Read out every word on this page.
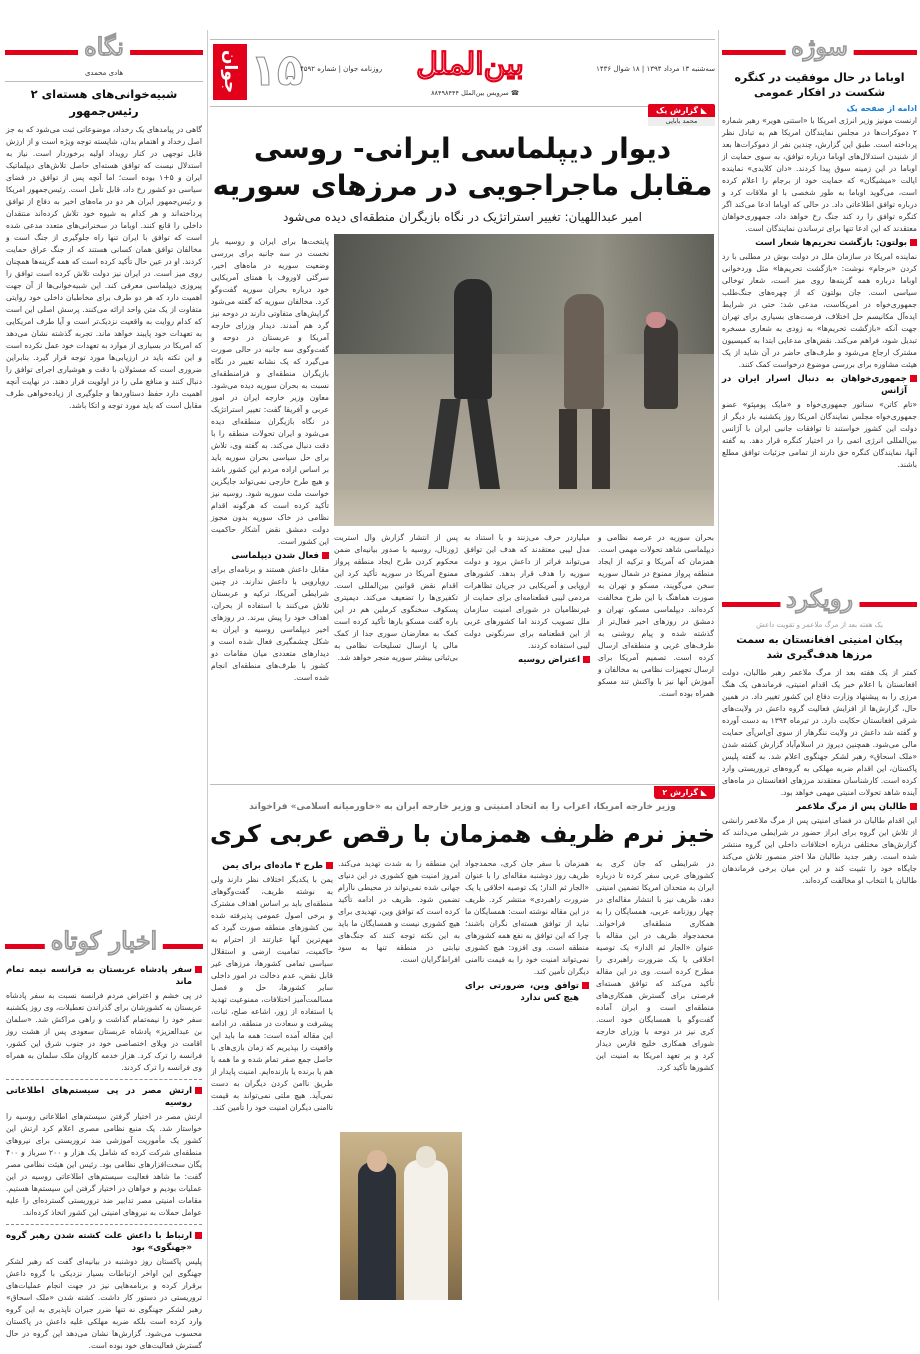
جوان ۱۵
روزنامه جوان | شماره ۴۵۹۲	بین‌الملل
☎ سرویس بین‌الملل ۸۸۴۹۸۴۴۴
سه‌شنبه ۱۳ مرداد ۱۳۹۴ | ۱۸ شوال ۱۴۳۶
◣ گزارش یک
محمد بابایی
دیوار دیپلماسی ایرانی- روسی
مقابل ماجراجویی در مرزهای سوریه
امیر عبداللهیان: تغییر استراتژیک در نگاه بازیگران منطقه‌ای دیده می‌شود

پایتخت‌ها برای ایران و روسیه بار نخست در سه جانبه برای بررسی وضعیت سوریه در ماه‌های اخیر، سرگئی لاوروف با همتای آمریکایی خود درباره بحران سوریه گفت‌وگو کرد. مخالفان سوریه که گفته می‌شود گرایش‌های متفاوتی دارند در دوحه نیز گرد هم آمدند. دیدار وزرای خارجه آمریکا و عربستان در دوحه و گفت‌وگوی سه جانبه در حالی صورت می‌گیرد که یک نشانه تغییر در نگاه بازیگران منطقه‌ای و فرامنطقه‌ای نسبت به بحران سوریه دیده می‌شود. معاون وزیر خارجه ایران در امور عربی و آفریقا گفت: تغییر استراتژیک در نگاه بازیگران منطقه‌ای دیده می‌شود و ایران تحولات منطقه را با دقت دنبال می‌کند. به گفته وی، تلاش برای حل سیاسی بحران سوریه باید بر اساس اراده مردم این کشور باشد و هیچ طرح خارجی نمی‌تواند جایگزین خواست ملت سوریه شود. روسیه نیز تأکید کرده است که هرگونه اقدام نظامی در خاک سوریه بدون مجوز دولت دمشق نقض آشکار حاکمیت این کشور است.

فعال شدن دیپلماسی

مقابل داعش هستند و برنامه‌ای برای رویارویی با داعش ندارند. در چنین شرایطی آمریکا، ترکیه و عربستان تلاش می‌کنند با استفاده از بحران، اهداف خود را پیش ببرند. در روزهای اخیر دیپلماسی روسیه و ایران به شکل چشمگیری فعال شده است و دیدارهای متعددی میان مقامات دو کشور با طرف‌های منطقه‌ای انجام شده است.

بحران سوریه در عرصه نظامی و دیپلماسی شاهد تحولات مهمی است. همزمان که آمریکا و ترکیه از ایجاد منطقه پرواز ممنوع در شمال سوریه سخن می‌گویند، مسکو و تهران به صورت هماهنگ با این طرح مخالفت کرده‌اند. دیپلماسی مسکو، تهران و دمشق در روزهای اخیر فعال‌تر از گذشته شده و پیام روشنی به طرف‌های غربی و منطقه‌ای ارسال کرده است. تصمیم آمریکا برای ارسال تجهیزات نظامی به مخالفان و آموزش آنها نیز با واکنش تند مسکو همراه بوده است.

میلیاردر حرف می‌زنند و با استناد به مدل لیبی معتقدند که هدف این توافق می‌تواند فراتر از داعش برود و دولت سوریه را هدف قرار بدهد. کشورهای اروپایی و آمریکایی در جریان تظاهرات مردمی لیبی قطعنامه‌ای برای حمایت از غیرنظامیان در شورای امنیت سازمان ملل تصویب کردند اما کشورهای غربی از این قطعنامه برای سرنگونی دولت لیبی استفاده کردند.

اعتراض روسیه

پس از انتشار گزارش وال استریت ژورنال، روسیه با صدور بیانیه‌ای ضمن محکوم کردن طرح ایجاد منطقه پرواز ممنوع آمریکا در سوریه تأکید کرد این اقدام نقض قوانین بین‌المللی است. تکفیری‌ها را تضعیف می‌کند. دیمیتری پسکوف سخنگوی کرملین هم در این باره گفت مسکو بارها تأکید کرده است کمک به معارضان سوری جدا از کمک مالی یا ارسال تسلیحات نظامی به بی‌ثباتی بیشتر سوریه منجر خواهد شد.

◣ گزارش ۲
وزیر خارجه امریکا، اعراب را به اتحاد امنیتی و وزیر خارجه ایران به «خاورمیانه اسلامی» فراخواند
خیز نرم ظریف همزمان با رقص عربی کری

در شرایطی که جان کری به کشورهای عربی سفر کرده تا درباره ایران به متحدان امریکا تضمین امنیتی دهد، ظریف نیز با انتشار مقاله‌ای در چهار روزنامه عربی، همسایگان را به همکاری منطقه‌ای فراخواند. محمدجواد ظریف در این مقاله با عنوان «الجار ثم الدار» یک توصیه اخلاقی یا یک ضرورت راهبردی را مطرح کرده است. وی در این مقاله تأکید می‌کند که توافق هسته‌ای فرصتی برای گسترش همکاری‌های منطقه‌ای است و ایران آماده گفت‌وگو با همسایگان خود است. کری نیز در دوحه با وزرای خارجه شورای همکاری خلیج فارس دیدار کرد و بر تعهد امریکا به امنیت این کشورها تأکید کرد.

همزمان با سفر جان کری، محمدجواد ظریف روز دوشنبه مقاله‌ای را با عنوان «الجار ثم الدار؛ یک توصیه اخلاقی یا یک ضرورت راهبردی» منتشر کرد. ظریف در این مقاله نوشته است: همسایگان ما نباید از توافق هسته‌ای نگران باشند؛ چرا که این توافق به نفع همه کشورهای منطقه است. وی افزود: هیچ کشوری نمی‌تواند امنیت خود را به قیمت ناامنی دیگران تأمین کند.

توافق وین، ضرورتی برای هیچ کس ندارد

این منطقه را به شدت تهدید می‌کند. امروز امنیت هیچ کشوری در این دنیای جهانی شده نمی‌تواند در محیطی ناآرام تضمین شود. ظریف در ادامه تأکید کرده است که توافق وین، تهدیدی برای هیچ کشوری نیست و همسایگان ما باید به این نکته توجه کنند که جنگ‌های نیابتی در منطقه تنها به سود افراط‌گرایان است.

طرح ۴ ماده‌ای برای یمن

یمن با یکدیگر اختلاف نظر دارند ولی به نوشته ظریف، گفت‌وگوهای منطقه‌ای باید بر اساس اهداف مشترک و برخی اصول عمومی پذیرفته شده بین کشورهای منطقه صورت گیرد که مهم‌ترین آنها عبارتند از احترام به حاکمیت، تمامیت ارضی و استقلال سیاسی تمامی کشورها، مرزهای غیر قابل نقض، عدم دخالت در امور داخلی سایر کشورها، حل و فصل مسالمت‌آمیز اختلافات، ممنوعیت تهدید یا استفاده از زور، اشاعه صلح، ثبات، پیشرفت و سعادت در منطقه. در ادامه این مقاله آمده است: همه ما باید این واقعیت را بپذیریم که زمان بازی‌های با حاصل جمع صفر تمام شده و ما همه با هم یا برنده یا بازنده‌ایم. امنیت پایدار از طریق ناامن کردن دیگران به دست نمی‌آید. هیچ ملتی نمی‌تواند به قیمت ناامنی دیگران امنیت خود را تأمین کند.

سوژه
اوباما در حال موفقیت در کنگره شکست در افکار عمومی
ادامه از صفحه یک

ارنست مونیز وزیر انرژی امریکا با «استنی هویر» رهبر شماره ۲ دموکرات‌ها در مجلس نمایندگان امریکا هم به تبادل نظر پرداخته است. طبق این گزارش، چندین نفر از دموکرات‌ها بعد از شنیدن استدلال‌های اوباما درباره توافق، به سوی حمایت از اوباما در این زمینه سوق پیدا کردند. «دان کلایدی» نماینده ایالت «میشیگان» که حمایت خود از برجام را اعلام کرده است، می‌گوید اوباما به طور شخصی با او ملاقات کرد و درباره توافق اطلاعاتی داد. در حالی که اوباما ادعا می‌کند اگر کنگره توافق را رد کند جنگ رخ خواهد داد، جمهوری‌خواهان معتقدند که این ادعا تنها برای ترساندن نمایندگان است.

بولتون: بازگشت تحریم‌ها شعار است

نماینده امریکا در سازمان ملل در دولت بوش در مطلبی با رد کردن «برجام» نوشت: «بازگشت تحریم‌ها» مثل وردخوانی اوباما درباره همه گزینه‌ها روی میز است، شعار توخالی سیاسی است. جان بولتون که از چهره‌های جنگ‌طلب جمهوری‌خواه در امریکاست، مدعی شد: حتی در شرایط ایده‌آل مکانیسم حل اختلاف، فرصت‌های بسیاری برای تهران جهت آنکه «بازگشت تحریم‌ها» به زودی به شعاری مسخره تبدیل شود، فراهم می‌کند. نقض‌های مدعایی ابتدا به کمیسیون مشترک ارجاع می‌شود و طرف‌های حاضر در آن شاید از یک هیئت مشاوره برای بررسی موضوع درخواست کمک کنند.

جمهوری‌خواهان به دنبال اسرار ایران در آژانس

«تام کاتن» سناتور جمهوری‌خواه و «مایک پومپئو» عضو جمهوری‌خواه مجلس نمایندگان امریکا روز یکشنبه بار دیگر از دولت این کشور خواستند تا توافقات جانبی ایران با آژانس بین‌المللی انرژی اتمی را در اختیار کنگره قرار دهد. به گفته آنها، نمایندگان کنگره حق دارند از تمامی جزئیات توافق مطلع باشند.

رویکرد
یک هفته بعد از مرگ ملاعمر و تقویت داعش
پیکان امنیتی افغانستان به سمت مرزها هدف‌گیری شد

کمتر از یک هفته بعد از مرگ ملاعمر رهبر طالبان، دولت افغانستان با اعلام خبر یک اقدام امنیتی، فرماندهی یک هنگ مرزی را به پیشنهاد وزارت دفاع این کشور تغییر داد. در همین حال، گزارش‌ها از افزایش فعالیت گروه داعش در ولایت‌های شرقی افغانستان حکایت دارد. در تیرماه ۱۳۹۴ به دست آورده و گفته شد داعش در ولایت ننگرهار از سوی آی‌اس‌آی حمایت مالی می‌شود. همچنین دیروز در اسلام‌آباد گزارش کشته شدن «ملک اسحاق» رهبر لشکر جهنگوی اعلام شد. به گفته پلیس پاکستان، این اقدام ضربه مهلکی به گروه‌های تروریستی وارد کرده است. کارشناسان معتقدند مرزهای افغانستان در ماه‌های آینده شاهد تحولات امنیتی مهمی خواهد بود.

طالبان پس از مرگ ملاعمر

این اقدام طالبان در فضای امنیتی پس از مرگ ملاعمر رانشی از تلاش این گروه برای ابراز حضور در شرایطی می‌دانند که گزارش‌های مختلفی درباره اختلافات داخلی این گروه منتشر شده است. رهبر جدید طالبان ملا اختر منصور تلاش می‌کند جایگاه خود را تثبیت کند و در این میان برخی فرماندهان طالبان با انتخاب او مخالفت کرده‌اند.

نگاه
هادی محمدی
شبیه‌خوانی‌های هسته‌ای ۲ رئیس‌جمهور

گاهی در پیامدهای یک رخداد، موضوعاتی ثبت می‌شود که به جز اصل رخداد و اهتمام بدان، شایسته توجه ویژه است و از ارزش قابل توجهی در کنار رویداد اولیه برخوردار است. نیاز به استدلال نیست که توافق هسته‌ای حاصل تلاش‌های دیپلماتیک ایران و ۵+۱ بوده است؛ اما آنچه پس از توافق در فضای سیاسی دو کشور رخ داد، قابل تأمل است. رئیس‌جمهور امریکا و رئیس‌جمهور ایران هر دو در ماه‌های اخیر به دفاع از توافق پرداخته‌اند و هر کدام به شیوه خود تلاش کرده‌اند منتقدان داخلی را قانع کنند. اوباما در سخنرانی‌های متعدد مدعی شده است که توافق با ایران تنها راه جلوگیری از جنگ است و مخالفان توافق همان کسانی هستند که از جنگ عراق حمایت کردند. او در عین حال تأکید کرده است که همه گزینه‌ها همچنان روی میز است. در ایران نیز دولت تلاش کرده است توافق را پیروزی دیپلماسی معرفی کند. این شبیه‌خوانی‌ها از آن جهت اهمیت دارد که هر دو طرف برای مخاطبان داخلی خود روایتی متفاوت از یک متن واحد ارائه می‌کنند. پرسش اصلی این است که کدام روایت به واقعیت نزدیک‌تر است و آیا طرف امریکایی به تعهدات خود پایبند خواهد ماند. تجربه گذشته نشان می‌دهد که امریکا در بسیاری از موارد به تعهدات خود عمل نکرده است و این نکته باید در ارزیابی‌ها مورد توجه قرار گیرد. بنابراین ضروری است که مسئولان با دقت و هوشیاری اجرای توافق را دنبال کنند و منافع ملی را در اولویت قرار دهند. در نهایت آنچه اهمیت دارد حفظ دستاوردها و جلوگیری از زیاده‌خواهی طرف مقابل است که باید مورد توجه و اتکا باشد.

اخبار کوتاه
سفر پادشاه عربستان به فرانسه نیمه تمام ماند

در پی خشم و اعتراض مردم فرانسه نسبت به سفر پادشاه عربستان به کشورشان برای گذراندن تعطیلات، وی روز یکشنبه سفر خود را نیمه‌تمام گذاشت و راهی مراکش شد. «سلمان بن عبدالعزیز» پادشاه عربستان سعودی پس از هشت روز اقامت در ویلای اختصاصی خود در جنوب شرق این کشور، فرانسه را ترک کرد. هزار خدمه کاروان ملک سلمان به همراه وی فرانسه را ترک کردند.

ارتش مصر در پی سیستم‌های اطلاعاتی روسیه

ارتش مصر در اختیار گرفتن سیستم‌های اطلاعاتی روسیه را خواستار شد. یک منبع نظامی مصری اعلام کرد ارتش این کشور یک مأموریت آموزشی ضد تروریستی برای نیروهای منطقه‌ای شرکت کرده که شامل یک هزار و ۲۰۰ سرباز و ۴۰۰ یگان سخت‌افزارهای نظامی بود. رئیس این هیئت نظامی مصر گفت: ما شاهد فعالیت سیستم‌های اطلاعاتی روسیه در این عملیات بودیم و خواهان در اختیار گرفتن این سیستم‌ها هستیم. مقامات امنیتی مصر تدابیر ضد تروریستی گسترده‌ای را علیه عوامل حملات به نیروهای امنیتی این کشور اتخاذ کرده‌اند.

ارتباط با داعش علت کشته شدن رهبر گروه «جهنگوی» بود

پلیس پاکستان روز دوشنبه در بیانیه‌ای گفت که رهبر لشکر جهنگوی این اواخر ارتباطات بسیار نزدیکی با گروه داعش برقرار کرده و برنامه‌هایی نیز در جهت انجام عملیات‌های تروریستی در دستور کار داشت. کشته شدن «ملک اسحاق» رهبر لشکر جهنگوی نه تنها ضرر جبران ناپذیری به این گروه وارد کرده است بلکه ضربه مهلکی علیه داعش در پاکستان محسوب می‌شود. گزارش‌ها نشان می‌دهد این گروه در حال گسترش فعالیت‌های خود بوده است.
